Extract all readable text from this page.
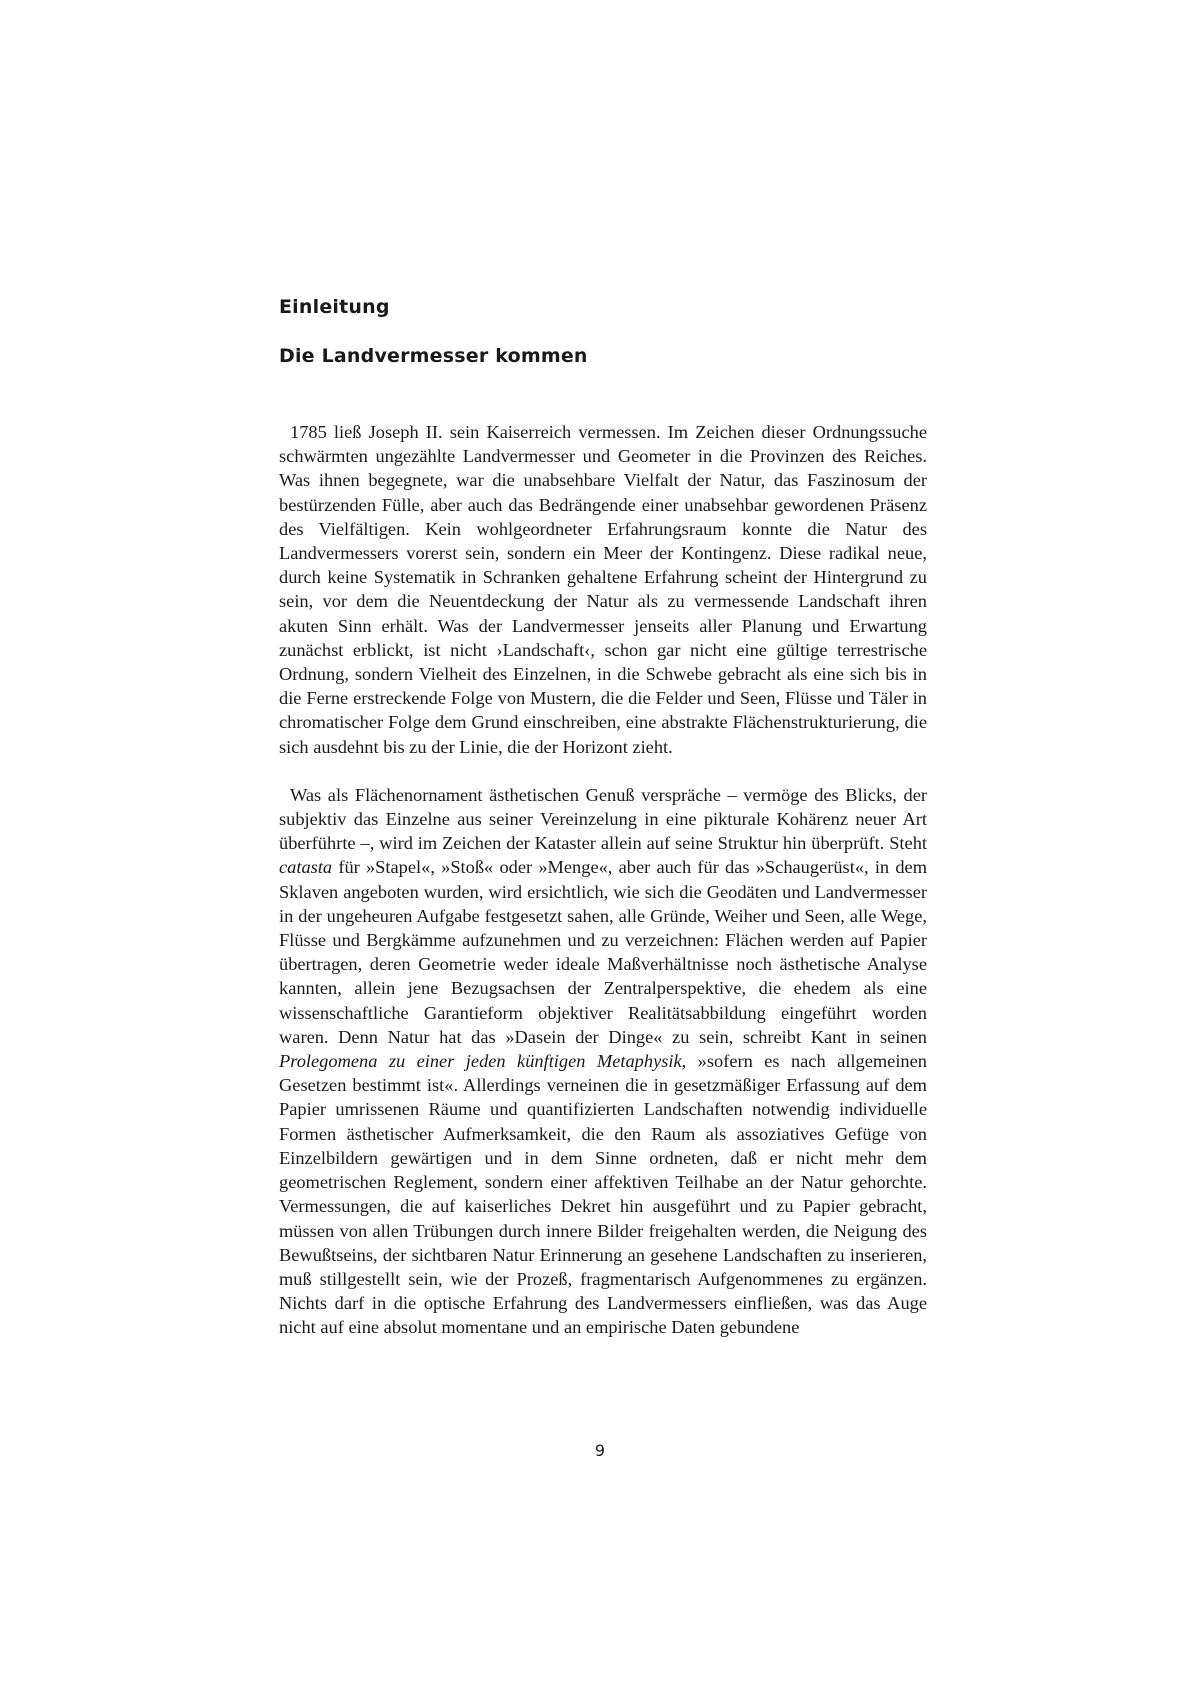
Einleitung
Die Landvermesser kommen

1785 ließ Joseph II. sein Kaiserreich vermessen. Im Zeichen dieser Ordnungssuche schwärmten ungezählte Landvermesser und Geometer in die Provinzen des Reiches. Was ihnen begegnete, war die unabsehbare Vielfalt der Natur, das Faszinosum der bestürzenden Fülle, aber auch das Bedrängende einer unabsehbar gewordenen Präsenz des Vielfältigen. Kein wohlgeordneter Erfahrungsraum konnte die Natur des Landvermessers vorerst sein, sondern ein Meer der Kontingenz. Diese radikal neue, durch keine Systematik in Schranken gehaltene Erfahrung scheint der Hintergrund zu sein, vor dem die Neuentdeckung der Natur als zu vermessende Landschaft ihren akuten Sinn erhält. Was der Landvermesser jenseits aller Planung und Erwartung zunächst erblickt, ist nicht ›Landschaft‹, schon gar nicht eine gültige terrestrische Ordnung, sondern Vielheit des Einzelnen, in die Schwebe gebracht als eine sich bis in die Ferne erstreckende Folge von Mustern, die die Felder und Seen, Flüsse und Täler in chromatischer Folge dem Grund einschreiben, eine abstrakte Flächenstrukturierung, die sich ausdehnt bis zu der Linie, die der Horizont zieht.

Was als Flächenornament ästhetischen Genuß verspräche – vermöge des Blicks, der subjektiv das Einzelne aus seiner Vereinzelung in eine pikturale Kohärenz neuer Art überführte –, wird im Zeichen der Kataster allein auf seine Struktur hin überprüft. Steht catasta für »Stapel«, »Stoß« oder »Menge«, aber auch für das »Schaugerüst«, in dem Sklaven angeboten wurden, wird ersichtlich, wie sich die Geodäten und Landvermesser in der ungeheuren Aufgabe festgesetzt sahen, alle Gründe, Weiher und Seen, alle Wege, Flüsse und Bergkämme aufzunehmen und zu verzeichnen: Flächen werden auf Papier übertragen, deren Geometrie weder ideale Maßverhältnisse noch ästhetische Analyse kannten, allein jene Bezugsachsen der Zentralperspektive, die ehedem als eine wissenschaftliche Garantieform objektiver Realitätsabbildung eingeführt worden waren. Denn Natur hat das »Dasein der Dinge« zu sein, schreibt Kant in seinen Prolegomena zu einer jeden künftigen Metaphysik, »sofern es nach allgemeinen Gesetzen bestimmt ist«. Allerdings verneinen die in gesetzmäßiger Erfassung auf dem Papier umrissenen Räume und quantifizierten Landschaften notwendig individuelle Formen ästhetischer Aufmerksamkeit, die den Raum als assoziatives Gefüge von Einzelbildern gewärtigen und in dem Sinne ordneten, daß er nicht mehr dem geometrischen Reglement, sondern einer affektiven Teilhabe an der Natur gehorchte. Vermessungen, die auf kaiserliches Dekret hin ausgeführt und zu Papier gebracht, müssen von allen Trübungen durch innere Bilder freigehalten werden, die Neigung des Bewußtseins, der sichtbaren Natur Erinnerung an gesehene Landschaften zu inserieren, muß stillgestellt sein, wie der Prozeß, fragmentarisch Aufgenommenes zu ergänzen. Nichts darf in die optische Erfahrung des Landvermessers einfließen, was das Auge nicht auf eine absolut momentane und an empirische Daten gebundene

9
